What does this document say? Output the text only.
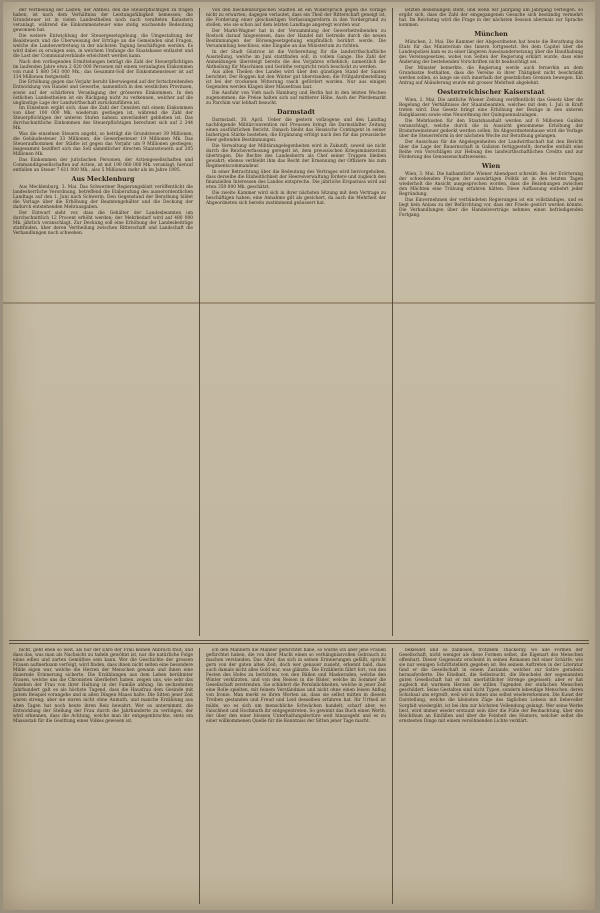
der Vertheilung der Lasten; der Antheil, den die Steuerpflichtigen zu tragen haben, ist nach dem Verhältniss der Leistungsfähigkeit bemessen; die Grundsteuer ist in vielen Landestheilen noch nach veralteten Katastern veranlagt, während die Einkommensteuer eine stetig wachsende Bedeutung gewonnen hat.

Die weitere Entwicklung der Steuergesetzgebung, die Umgestaltung der Realsteuern und die Überweisung der Erträge an die Gemeinden sind Fragen, welche die Landesvertretung in der nächsten Tagung beschäftigen werden. Es wird dabei zu erwägen sein, in welchem Umfange die Staatskasse entlastet und die Last der Communalverbände erleichtert werden kann.

Nach den vorliegenden Ermittelungen beträgt die Zahl der Steuerpflichtigen im laufenden Jahre etwa 2 620 000 Personen mit einem veranlagten Einkommen von rund 5 880 543 000 Mk.; das Gesammt-Soll der Einkommensteuer ist auf 114 Millionen festgestellt.

Die Erhöhung gegen das Vorjahr beruht überwiegend auf der fortschreitenden Entwicklung von Handel und Gewerbe, namentlich in den westlichen Provinzen, sowie auf der schärferen Veranlagung der grösseren Einkommen. In den östlichen Landestheilen ist ein Rückgang nicht zu verkennen, welcher auf die ungünstige Lage der Landwirthschaft zurückzuführen ist.

Im Einzelnen ergibt sich, dass die Zahl der Censiten mit einem Einkommen von über 100 000 Mk. wiederum gestiegen ist, während die Zahl der Steuerpflichtigen der unteren Stufen nahezu unverändert geblieben ist. Das durchschnittliche Einkommen des Steuerpflichtigen berechnet sich auf 2 244 Mk.

Was die einzelnen Steuern angeht, so beträgt die Grundsteuer 39 Millionen, die Gebäudesteuer 33 Millionen, die Gewerbesteuer 19 Millionen Mk. Das Steueraufkommen der Städte ist gegen das Vorjahr um 9 Millionen gestiegen; insgesammt beziffert sich das Soll sämmtlicher directen Staatssteuern auf 205 Millionen Mk.

Das Einkommen der juristischen Personen, der Actiengesellschaften und Commanditgesellschaften auf Actien, ist mit 190 060 000 Mk. veranlagt; hierauf entfallen an Steuer 7 611 000 Mk., also 5 Millionen mehr als im Jahre 1895.

Aus Mecklenburg

Aus Mecklenburg, 3. Mai. Das Schweriner Regierungsblatt veröffentlicht die landesherrliche Verordnung, betreffend die Einberufung des ausserordentlichen Landtags auf den 1. Juni nach Schwerin. Den Gegenstand der Berathung bildet die Vorlage über die Erhöhung der Beamtengehälter und die Deckung der dadurch entstehenden Mehrausgaben.

Der Entwurf sieht vor, dass die Gehälter der Landesbeamten um durchschnittlich 12 Procent erhöht werden; der Mehrbedarf wird auf 480 000 Mk. jährlich veranschlagt. Zur Deckung soll eine Erhöhung der Landesbeiträge stattfinden, über deren Vertheilung zwischen Ritterschaft und Landschaft die Verhandlungen noch schweben.

Von den mecklenburgischen Städten ist ein Widerspruch gegen die Vorlage nicht zu erwarten; dagegen verlautet, dass ein Theil der Ritterschaft geneigt ist, die Forderung einer gleichzeitigen Verfassungsreform in den Vordergrund zu stellen, wie sie schon auf dem letzten Landtage angeregt worden war.

Der Markt-Wagner hat in der Versammlung der Gewerbetreibenden zu Rostock darauf hingewiesen, dass der Handel mit Getreide durch die neuen Bestimmungen der Börsengesetzgebung empfindlich berührt werde. Die Versammlung beschloss, eine Eingabe an das Ministerium zu richten.

In der Stadt Güstrow ist die Vorbereitung für die landwirthschaftliche Ausstellung, welche im Juni stattfinden soll, in vollem Gange. Die Zahl der Anmeldungen übersteigt bereits die des Vorjahres erheblich; namentlich die Abtheilung für Maschinen und Geräthe verspricht reich beschickt zu werden.

Aus allen Theilen des Landes wird über den günstigen Stand der Saaten berichtet. Der Roggen hat den Winter gut überstanden; die Frühjahrsbestellung ist bei der trockenen Witterung rasch gefördert worden. Nur aus einigen Gegenden werden Klagen über Mäusefrass laut.

Die Ausfuhr von Vieh nach Hamburg und Berlin hat in den letzten Wochen zugenommen; die Preise halten sich auf mittlerer Höhe. Auch der Pferdemarkt zu Parchim war lebhaft besucht.

Darmstadt

Darmstadt, 30. April. Ueber die gestern vollzogene und den Landtag nachfolgende Militärconvention mit Preussen bringt die Darmstädter Zeitung einen ausführlichen Bericht. Danach bleibt das Hessische Contingent in seiner bisherigen Stärke bestehen; die Ergänzung erfolgt nach den für das preussische Heer geltenden Bestimmungen.

Die Verwaltung der Militärangelegenheiten wird in Zukunft, soweit sie nicht durch die Reichsverfassung geregelt ist, dem preussischen Kriegsministerium übertragen. Die Rechte des Landesherrn als Chef seiner Truppen bleiben gewahrt; ebenso verbleibt ihm das Recht der Ernennung der Offiziere bis zum Regimentscommandeur.

In einer Betrachtung über die Bedeutung des Vertrages wird hervorgehoben, dass derselbe die Einheitlichkeit der Heeresverwaltung fördere und zugleich den finanziellen Interessen des Landes entspreche. Die jährliche Ersparniss wird auf etwa 350 000 Mk. geschätzt.

Die zweite Kammer wird sich in ihrer nächsten Sitzung mit dem Vertrage zu beschäftigen haben; eine Annahme gilt als gesichert, da auch die Mehrheit der Abgeordneten sich bereits zustimmend geäussert hat.

letzten Beziehungen steht, und wenn wir Jahrgang um Jahrgang verfolgen, so ergibt sich, dass die Zahl der eingegangenen Gesuche sich beständig vermehrt hat. Im Reichstag wird die Frage in der nächsten Session abermals zur Sprache kommen.

München

München, 2. Mai. Die Kammer der Abgeordneten hat heute die Berathung des Etats für das Ministerium des Innern fortgesetzt. Bei dem Capitel über die Landespolizei kam es zu einer längeren Auseinandersetzung über die Handhabung des Vereinsgesetzes, wobei von Seiten der Regierung erklärt wurde, dass eine Änderung der bestehenden Vorschriften nicht beabsichtigt sei.

Der Minister bemerkte, die Regierung werde auch fernerhin an dem Grundsatze festhalten, dass die Vereine in ihrer Thätigkeit nicht beschränkt werden sollen, so lange sie sich innerhalb der gesetzlichen Grenzen bewegen. Ein Antrag auf Abänderung wurde mit grosser Mehrheit abgelehnt.

Oesterreichischer Kaiserstaat

Wien, 2. Mai. Die amtliche Wiener Zeitung veröffentlicht das Gesetz über die Regelung der Verhältnisse der Staatsbeamten, welches mit dem 1. Juli in Kraft treten wird. Das Gesetz bringt eine Erhöhung der Bezüge in den unteren Rangklassen sowie eine Neuordnung der Quinquennalzulagen.

Die Mehrkosten für den Staatshaushalt werden auf 6 Millionen Gulden veranschlagt, welche durch die in Aussicht genommene Erhöhung der Branntweinsteuer gedeckt werden sollen. Im Abgeordnetenhause wird die Vorlage über die Steuerreform in der nächsten Woche zur Berathung gelangen.

Der Ausschuss für die Angelegenheiten der Landwirthschaft hat den Bericht über die Lage der Bauernschaft in Galizien fertiggestellt; derselbe enthält eine Reihe von Vorschlägen zur Hebung des landwirthschaftlichen Credits und zur Förderung des Genossenschaftswesens.

Wien

Wien, 3. Mai. Die halbamtliche Wiener Abendpost schreibt: Bei der Erörterung der schwebenden Fragen der auswärtigen Politik ist in den letzten Tagen wiederholt die Ansicht ausgesprochen worden, dass die Beziehungen zwischen den Mächten eine Trübung erfahren hätten. Diese Auffassung entbehrt jeder Begründung.

Das Einvernehmen der verbündeten Regierungen ist ein vollständiges, und es liegt kein Anlass zu der Befürchtung vor, dass der Friede gestört werden könnte. Die Verhandlungen über die Handelsverträge nehmen einen befriedigenden Fortgang.

nicht, geht eben so weit, als nur der Ehre der Frau keinen Abbruch thut; und dass das, was man als Nachsicht zu tadeln gewöhnt ist, nur die natürliche Folge eines edlen und zarten Gemüthes sein kann. Wer die Geschichte der grossen Frauen aufmerksam verfolgt, wird finden, dass ihnen nicht selten eine besondere Milde eigen war, welche die Herzen der Menschen gewann und ihnen eine dauernde Erinnerung sicherte. Die Erzählungen aus dem Leben berühmter Frauen, welche uns die Chronisten überliefert haben, zeigen uns, wie sehr das Ansehen der Frau von ihrer Haltung in der Familie abhing. Im sechzehnten Jahrhundert galt es als höchste Tugend, dass die Hausfrau dem Gesinde mit gutem Beispiel vorangehe und in allen Dingen Maass halte. Die Sitten jener Zeit waren streng; aber sie waren nicht ohne Anmuth, und manche Erzählung aus alten Tagen hat noch heute ihren Reiz bewahrt. Wer es unternimmt, die Entwicklung der Stellung der Frau durch die Jahrhunderte zu verfolgen, der wird erkennen, dass die Achtung, welche man ihr entgegenbrachte, stets ein Maassstab für die Gesittung eines Volkes gewesen ist.

ich den Männern die Männer gefürchtet habe, so würde ich aber jene Frauen gefürchtet haben, die von ihrer Macht einen so verhängnissvollen Gebrauch zu machen verstanden. Das Alter, das sich in seinen Erinnerungen gefällt, spricht gern von der guten alten Zeit; doch wer genauer zusieht, erkennt bald, dass auch damals nicht alles Gold war, was glänzte. Die Erzählerin fährt fort, von den Festen des Hofes zu berichten, von den Bällen und Maskeraden, welche den Winter verkürzten, und von den Reisen in die Bäder, welche im Sommer die Gesellschaft zerstreuten. Sie schildert die Persönlichkeiten, welche in jener Zeit eine Rolle spielten, mit feinem Verständniss und nicht ohne einen leisen Anflug von Ironie. Man merkt es ihren Worten an, dass sie selbst mitten in diesem Treiben gestanden und Freud und Leid desselben erfahren hat. Ihr Urtheil ist milde, wo es sich um menschliche Schwächen handelt; scharf aber, wo Falschheit und Hochmuth ihr entgegentreten. So gewinnt das Buch einen Werth, der über den einer blossen Unterhaltungslectüre weit hinausgeht und es zu einer willkommenen Quelle für die Kenntniss der Sitten jener Tage macht.

bekleidet und so zahllosen, trotzdem Thackeray, wo alle Formen der Gesellschaft, nicht weniger als diese Formen selbst, die Eigenart des Menschen offenbart. Dieser Gegensatz erscheint in seinen Romanen mit einer Schärfe, wie sie nur wenigen Schriftstellern gegeben ist. Bei seinem Auftreten in der Literatur fand er die Gesellschaft in einem Zustande, welcher zur Satire geradezu herausforderte. Die Eitelkeit, die Selbstsucht, die Heuchelei der sogenannten guten Gesellschaft hat er mit unerbittlicher Strenge gegeisselt; aber er hat zugleich mit warmem Herzen die stillen Tugenden der einfachen Menschen geschildert. Seine Gestalten sind nicht Typen, sondern lebendige Menschen, deren Schicksal uns ergreift, weil wir in ihnen uns selbst wiedererkennen. Die Kunst der Darstellung, welche die kleinsten Züge des täglichen Lebens mit liebevoller Sorgfalt wiedergibt, ist bei ihm zur höchsten Vollendung gelangt. Wer seine Werke liest, wird immer wieder erstaunt sein über die Fülle der Beobachtung, über den Reichthum an Einfällen und über die Feinheit des Humors, welcher selbst die ernstesten Dinge mit einem versöhnenden Lichte verklärt.
